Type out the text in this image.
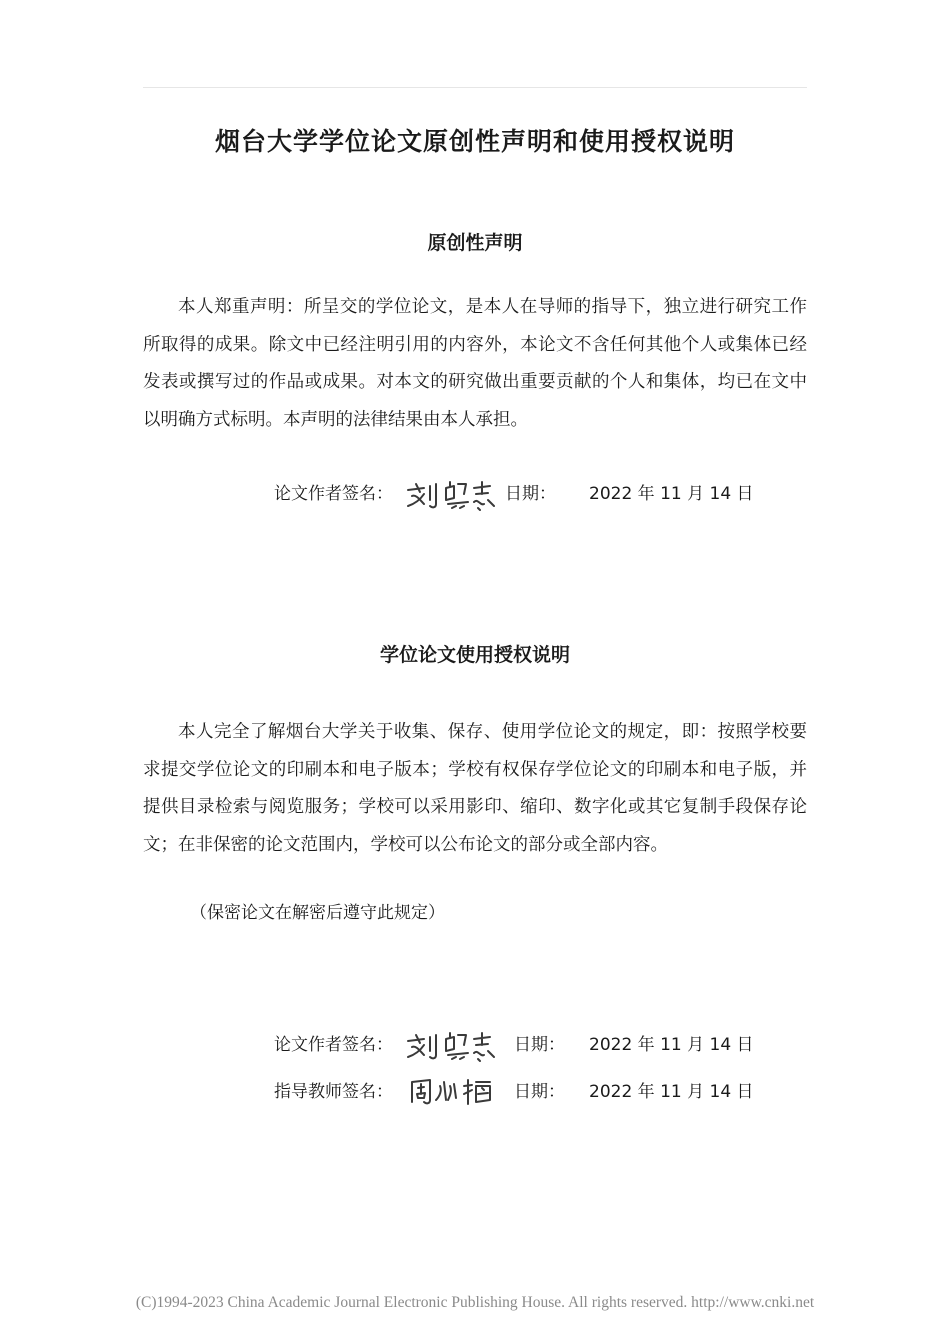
烟台大学学位论文原创性声明和使用授权说明
原创性声明

本人郑重声明：所呈交的学位论文，是本人在导师的指导下，独立进行研究工作所取得的成果。除文中已经注明引用的内容外，本论文不含任何其他个人或集体已经发表或撰写过的作品或成果。对本文的研究做出重要贡献的个人和集体，均已在文中以明确方式标明。本声明的法律结果由本人承担。

论文作者签名：	日期： 2022 年 11 月 14 日
学位论文使用授权说明

本人完全了解烟台大学关于收集、保存、使用学位论文的规定，即：按照学校要求提交学位论文的印刷本和电子版本；学校有权保存学位论文的印刷本和电子版，并提供目录检索与阅览服务；学校可以采用影印、缩印、数字化或其它复制手段保存论文；在非保密的论文范围内，学校可以公布论文的部分或全部内容。

（保密论文在解密后遵守此规定）

论文作者签名：	日期： 2022 年 11 月 14 日
指导教师签名：	日期： 2022 年 11 月 14 日

(C)1994-2023 China Academic Journal Electronic Publishing House. All rights reserved. http://www.cnki.net
